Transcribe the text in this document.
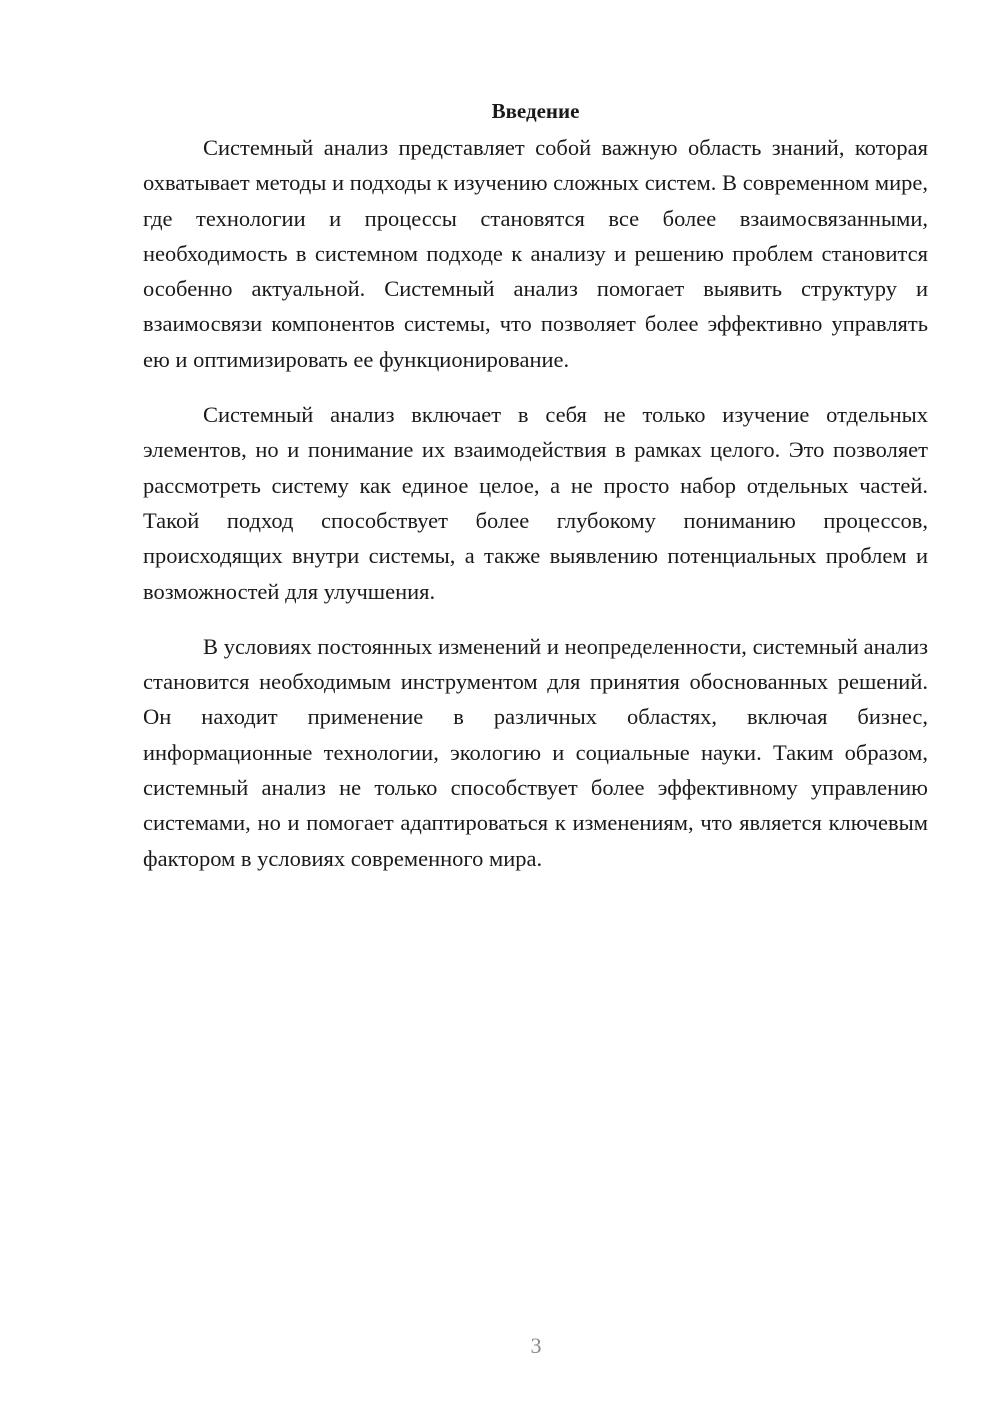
Введение

Системный анализ представляет собой важную область знаний, которая охватывает методы и подходы к изучению сложных систем. В современном мире, где технологии и процессы становятся все более взаимосвязанными, необходимость в системном подходе к анализу и решению проблем становится особенно актуальной. Системный анализ помогает выявить структуру и взаимосвязи компонентов системы, что позволяет более эффективно управлять ею и оптимизировать ее функционирование.

Системный анализ включает в себя не только изучение отдельных элементов, но и понимание их взаимодействия в рамках целого. Это позволяет рассмотреть систему как единое целое, а не просто набор отдельных частей. Такой подход способствует более глубокому пониманию процессов, происходящих внутри системы, а также выявлению потенциальных проблем и возможностей для улучшения.

В условиях постоянных изменений и неопределенности, системный анализ становится необходимым инструментом для принятия обоснованных решений. Он находит применение в различных областях, включая бизнес, информационные технологии, экологию и социальные науки. Таким образом, системный анализ не только способствует более эффективному управлению системами, но и помогает адаптироваться к изменениям, что является ключевым фактором в условиях современного мира.

3
